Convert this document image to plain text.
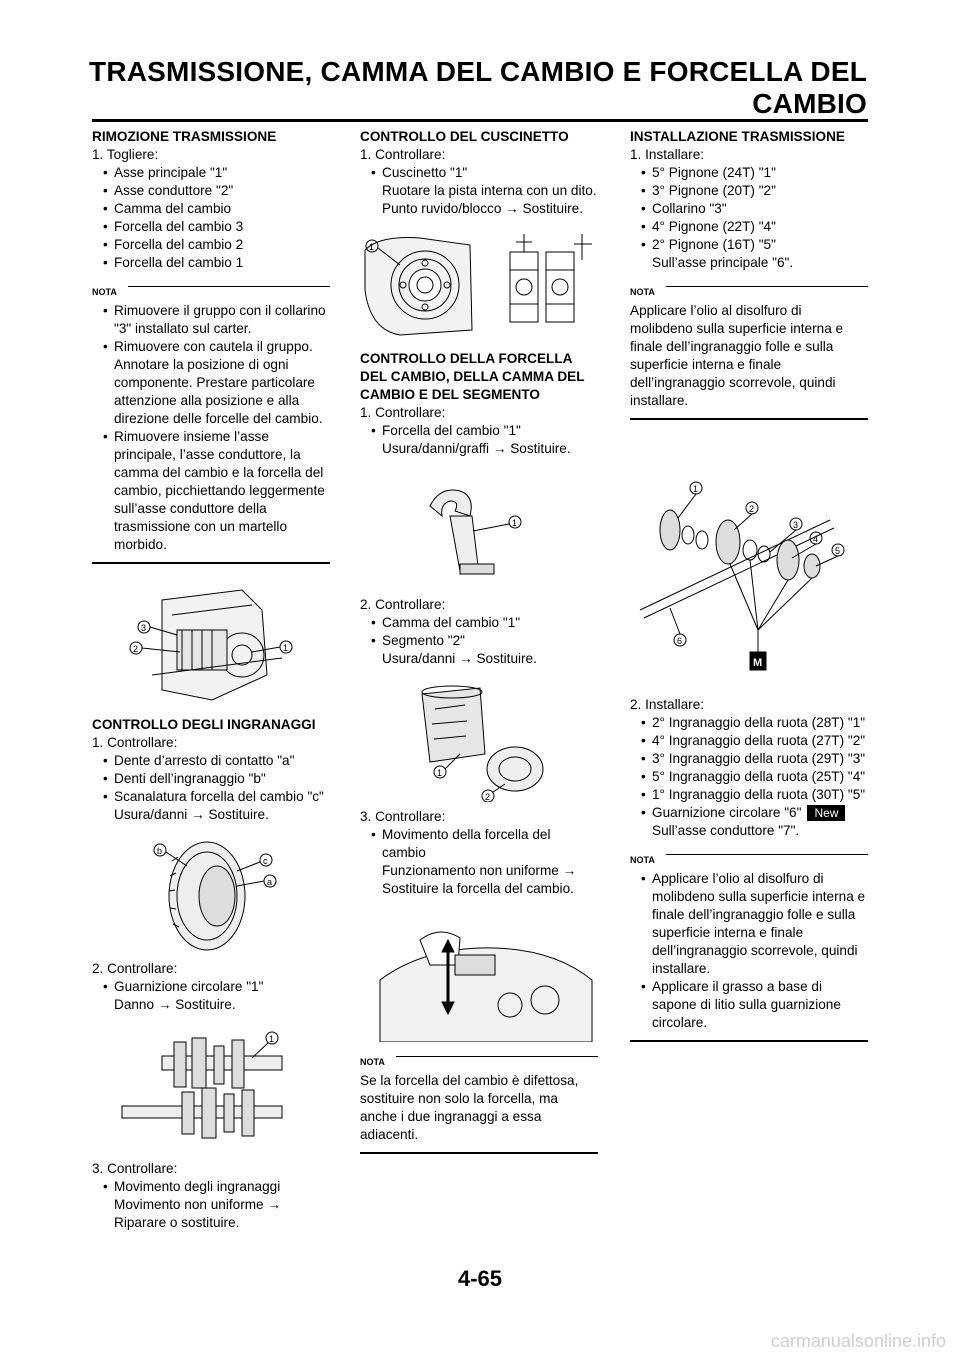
TRASMISSIONE, CAMMA DEL CAMBIO E FORCELLA DEL
CAMBIO
RIMOZIONE TRASMISSIONE
1. Togliere:
• Asse principale "1"
• Asse conduttore "2"
• Camma del cambio
• Forcella del cambio 3
• Forcella del cambio 2
• Forcella del cambio 1
NOTA
• Rimuovere il gruppo con il collarino "3" installato sul carter.
• Rimuovere con cautela il gruppo. Annotare la posizione di ogni componente. Prestare particolare attenzione alla posizione e alla direzione delle forcelle del cambio.
• Rimuovere insieme l’asse principale, l’asse conduttore, la camma del cambio e la forcella del cambio, picchiettando leggermente sull’asse conduttore della trasmissione con un martello morbido.
3
2	1
CONTROLLO DEGLI INGRANAGGI
1. Controllare:
• Dente d’arresto di contatto "a"
• Denti dell’ingranaggio "b"
• Scanalatura forcella del cambio "c"
Usura/danni → Sostituire.
b
c
a
2. Controllare:
• Guarnizione circolare "1"
Danno → Sostituire.
1
3. Controllare:
• Movimento degli ingranaggi
Movimento non uniforme → Riparare o sostituire.
CONTROLLO DEL CUSCINETTO
1. Controllare:
• Cuscinetto "1"
Ruotare la pista interna con un dito.
Punto ruvido/blocco → Sostituire.
1
CONTROLLO DELLA FORCELLA DEL CAMBIO, DELLA CAMMA DEL CAMBIO E DEL SEGMENTO
1. Controllare:
• Forcella del cambio "1"
Usura/danni/graffi → Sostituire.
1
2. Controllare:
• Camma del cambio "1"
• Segmento "2"
Usura/danni → Sostituire.
1
2
3. Controllare:
• Movimento della forcella del cambio
Funzionamento non uniforme → Sostituire la forcella del cambio.
NOTA
Se la forcella del cambio è difettosa, sostituire non solo la forcella, ma anche i due ingranaggi a essa adiacenti.
INSTALLAZIONE TRASMISSIONE
1. Installare:
• 5° Pignone (24T) "1"
• 3° Pignone (20T) "2"
• Collarino "3"
• 4° Pignone (22T) "4"
• 2° Pignone (16T) "5"
Sull’asse principale "6".
NOTA
Applicare l’olio al disolfuro di molibdeno sulla superficie interna e finale dell’ingranaggio folle e sulla superficie interna e finale dell’ingranaggio scorrevole, quindi installare.
1
2
3
4
5
6
M
2. Installare:
• 2° Ingranaggio della ruota (28T) "1"
• 4° Ingranaggio della ruota (27T) "2"
• 3° Ingranaggio della ruota (29T) "3"
• 5° Ingranaggio della ruota (25T) "4"
• 1° Ingranaggio della ruota (30T) "5"
• Guarnizione circolare "6" New
Sull’asse conduttore "7".
NOTA
• Applicare l’olio al disolfuro di molibdeno sulla superficie interna e finale dell’ingranaggio folle e sulla superficie interna e finale dell’ingranaggio scorrevole, quindi installare.
• Applicare il grasso a base di sapone di litio sulla guarnizione circolare.
4-65
carmanualsonline.info
